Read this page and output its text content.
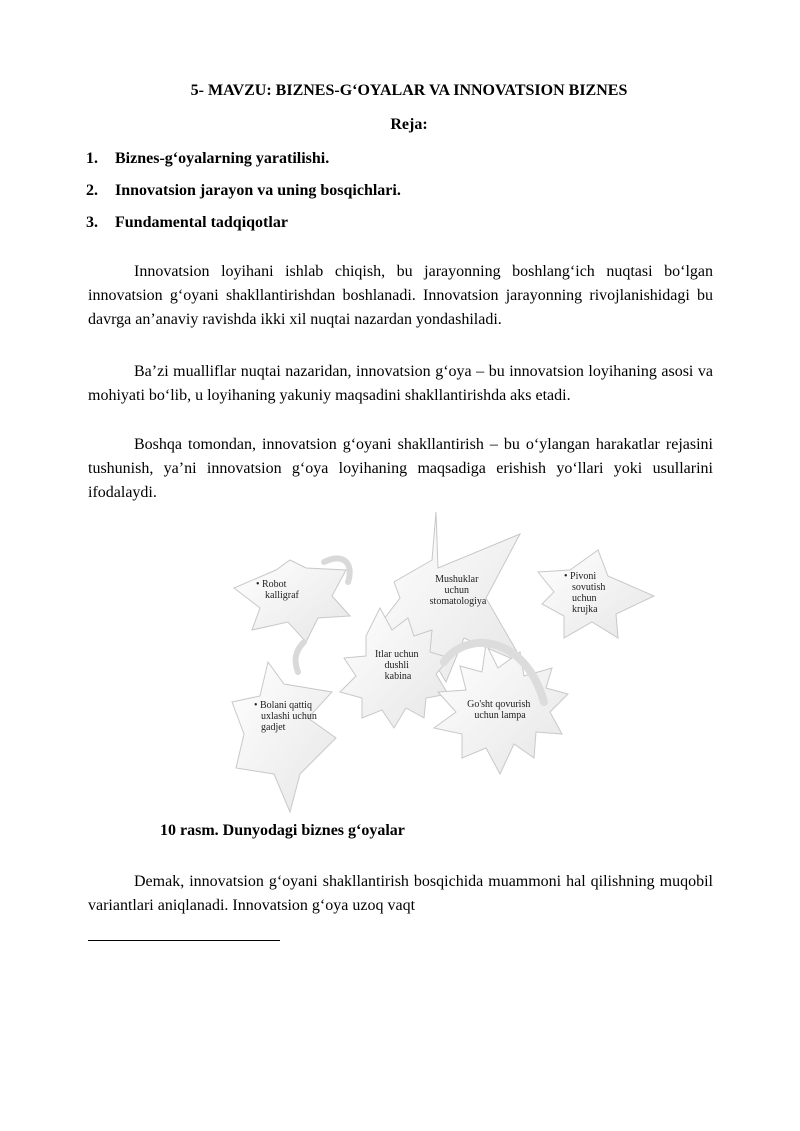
5- MAVZU: BIZNES-G‘OYALAR VA INNOVATSION BIZNES
Reja:
1. Biznes-g‘oyalarning yaratilishi.
2. Innovatsion jarayon va uning bosqichlari.
3. Fundamental tadqiqotlar

Innovatsion loyihani ishlab chiqish, bu jarayonning boshlang‘ich nuqtasi bo‘lgan innovatsion g‘oyani shakllantirishdan boshlanadi. Innovatsion jarayonning rivojlanishidagi bu davrga an’anaviy ravishda ikki xil nuqtai nazardan yondashiladi.

Ba’zi mualliflar nuqtai nazaridan, innovatsion g‘oya – bu innovatsion loyihaning asosi va mohiyati bo‘lib, u loyihaning yakuniy maqsadini shakllantirishda aks etadi.

Boshqa tomondan, innovatsion g‘oyani shakllantirish – bu o‘ylangan harakatlar rejasini tushunish, ya’ni innovatsion g‘oya loyihaning maqsadiga erishish yo‘llari yoki usullarini ifodalaydi.

• Robot kalligraf
Mushuklar uchun stomatologiya
• Pivoni sovutish uchun krujka
Itlar uchun dushli kabina
• Bolani qattiq uxlashi uchun gadjet
Go'sht qovurish uchun lampa
10 rasm. Dunyodagi biznes g‘oyalar

Demak, innovatsion g‘oyani shakllantirish bosqichida muammoni hal qilishning muqobil variantlari aniqlanadi. Innovatsion g‘oya uzoq vaqt
